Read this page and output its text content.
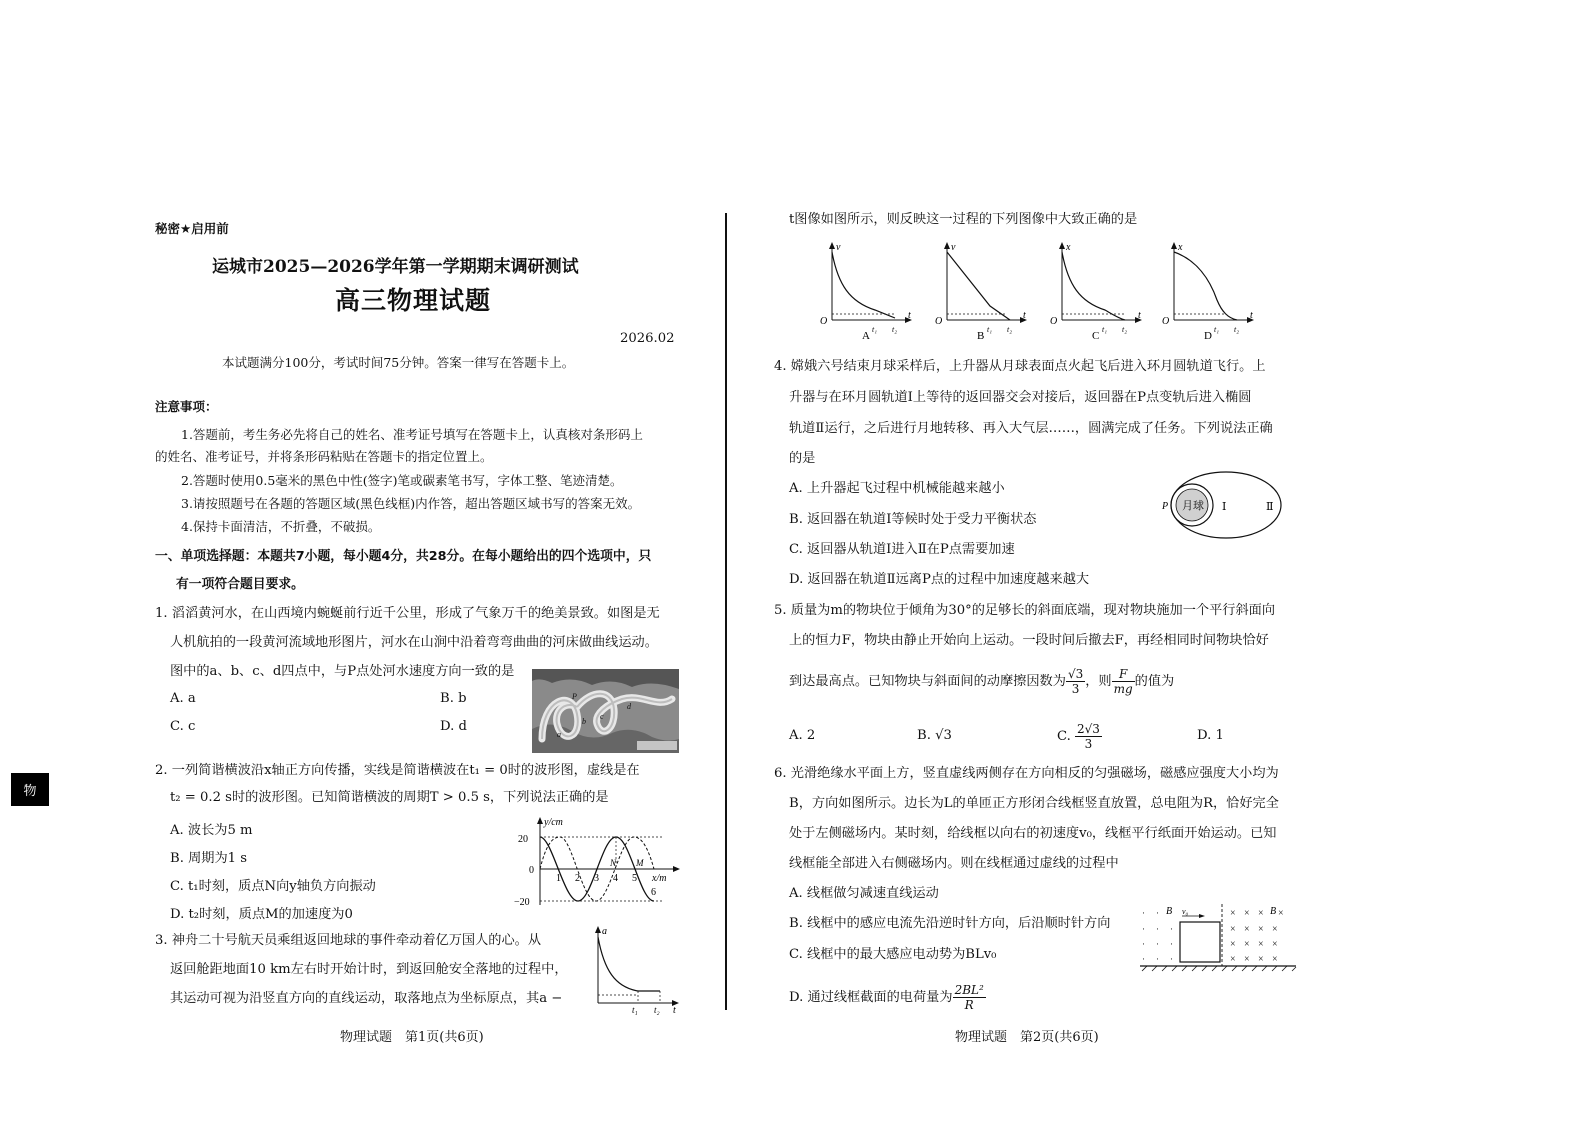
秘密★启用前
运城市2025—2026学年第一学期期末调研测试
高三物理试题
2026.02
本试题满分100分，考试时间75分钟。答案一律写在答题卡上。
注意事项：
1.答题前，考生务必先将自己的姓名、准考证号填写在答题卡上，认真核对条形码上
的姓名、准考证号，并将条形码粘贴在答题卡的指定位置上。
2.答题时使用0.5毫米的黑色中性(签字)笔或碳素笔书写，字体工整、笔迹清楚。
3.请按照题号在各题的答题区域(黑色线框)内作答，超出答题区域书写的答案无效。
4.保持卡面清洁，不折叠，不破损。
一、单项选择题：本题共7小题，每小题4分，共28分。在每小题给出的四个选项中，只
有一项符合题目要求。
1. 滔滔黄河水，在山西境内蜿蜒前行近千公里，形成了气象万千的绝美景致。如图是无
人机航拍的一段黄河流域地形图片，河水在山涧中沿着弯弯曲曲的河床做曲线运动。
图中的a、b、c、d四点中，与P点处河水速度方向一致的是
A. a	B. b
C. c	D. d
a
b
c
d
P
2. 一列简谐横波沿x轴正方向传播，实线是简谐横波在t₁ = 0时的波形图，虚线是在
t₂ = 0.2 s时的波形图。已知简谐横波的周期T > 0.5 s，下列说法正确的是
A. 波长为5 m
B. 周期为1 s
C. t₁时刻，质点N向y轴负方向振动
D. t₂时刻，质点M的加速度为0
y/cm
x/m
20
0
−20
1 2 3 4 5
6
N M
3. 神舟二十号航天员乘组返回地球的事件牵动着亿万国人的心。从
返回舱距地面10 km左右时开始计时，到返回舱安全落地的过程中，
其运动可视为沿竖直方向的直线运动，取落地点为坐标原点，其a −
a
t
t₁ t₂
物理试题　第1页(共6页)
物
t图像如图所示，则反映这一过程的下列图像中大致正确的是
v
t
O
t₁ t₂
A
v
t
O
t₁ t₂
B
x
t
O
t₁ t₂
C
x
t
O
t₁ t₂
D
4. 嫦娥六号结束月球采样后，上升器从月球表面点火起飞后进入环月圆轨道飞行。上
升器与在环月圆轨道Ⅰ上等待的返回器交会对接后，返回器在P点变轨后进入椭圆
轨道Ⅱ运行，之后进行月地转移、再入大气层……，圆满完成了任务。下列说法正确
的是
A. 上升器起飞过程中机械能越来越小
B. 返回器在轨道Ⅰ等候时处于受力平衡状态
C. 返回器从轨道Ⅰ进入Ⅱ在P点需要加速
D. 返回器在轨道Ⅱ远离P点的过程中加速度越来越大
月球
P	Ⅰ	Ⅱ
5. 质量为m的物块位于倾角为30°的足够长的斜面底端，现对物块施加一个平行斜面向
上的恒力F，物块由静止开始向上运动。一段时间后撤去F，再经相同时间物块恰好
到达最高点。已知物块与斜面间的动摩擦因数为 $\frac{√3}{3}$ ，则 $\frac{F}{mg}$ 的值为
A. 2	B. √3	C. $\frac{2√3}{3}$	D. 1
6. 光滑绝缘水平面上方，竖直虚线两侧存在方向相反的匀强磁场，磁感应强度大小均为
B，方向如图所示。边长为L的单匝正方形闭合线框竖直放置，总电阻为R，恰好完全
处于左侧磁场内。某时刻，给线框以向右的初速度v₀，线框平行纸面开始运动。已知
线框能全部进入右侧磁场内。则在线框通过虚线的过程中
A. 线框做匀减速直线运动
B. 线框中的感应电流先沿逆时针方向，后沿顺时针方向
C. 线框中的最大感应电动势为BLv₀
D. 通过线框截面的电荷量为 $\frac{\text{2BL²}}{R}$
· ·
· · ·
· · ·
· · ·
B v₀	× × ×
× × × ×
× × × ×
× × × ×
B ×
物理试题　第2页(共6页)
